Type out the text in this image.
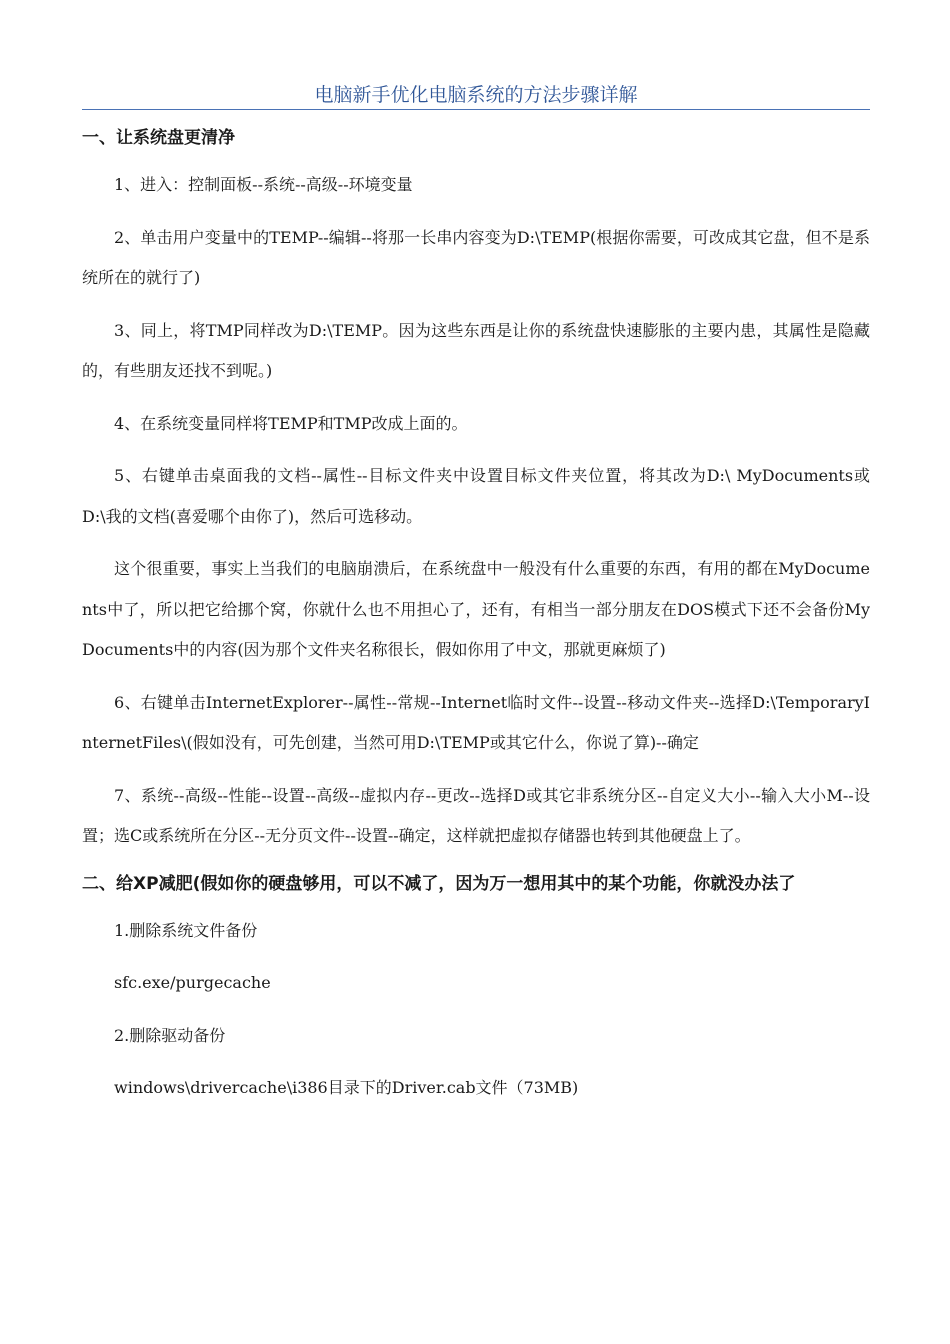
电脑新手优化电脑系统的方法步骤详解

一、让系统盘更清净

1、进入：控制面板--系统--高级--环境变量

2、单击用户变量中的TEMP--编辑--将那一长串内容变为D:\TEMP(根据你需要，可改成其它盘，但不是系统所在的就行了)

3、同上，将TMP同样改为D:\TEMP。因为这些东西是让你的系统盘快速膨胀的主要内患，其属性是隐藏的，有些朋友还找不到呢。)

4、在系统变量同样将TEMP和TMP改成上面的。

5、右键单击桌面我的文档--属性--目标文件夹中设置目标文件夹位置，将其改为D:\ MyDocuments或D:\我的文档(喜爱哪个由你了)，然后可选移动。

这个很重要，事实上当我们的电脑崩溃后，在系统盘中一般没有什么重要的东西，有用的都在MyDocuments中了，所以把它给挪个窝，你就什么也不用担心了，还有，有相当一部分朋友在DOS模式下还不会备份MyDocuments中的内容(因为那个文件夹名称很长，假如你用了中文，那就更麻烦了)

6、右键单击InternetExplorer--属性--常规--Internet临时文件--设置--移动文件夹--选择D:\TemporaryInternetFiles\(假如没有，可先创建，当然可用D:\TEMP或其它什么，你说了算)--确定

7、系统--高级--性能--设置--高级--虚拟内存--更改--选择D或其它非系统分区--自定义大小--输入大小M--设置；选C或系统所在分区--无分页文件--设置--确定，这样就把虚拟存储器也转到其他硬盘上了。

二、给XP减肥(假如你的硬盘够用，可以不减了，因为万一想用其中的某个功能，你就没办法了

1.删除系统文件备份

sfc.exe/purgecache

2.删除驱动备份

windows\drivercache\i386目录下的Driver.cab文件（73MB)
